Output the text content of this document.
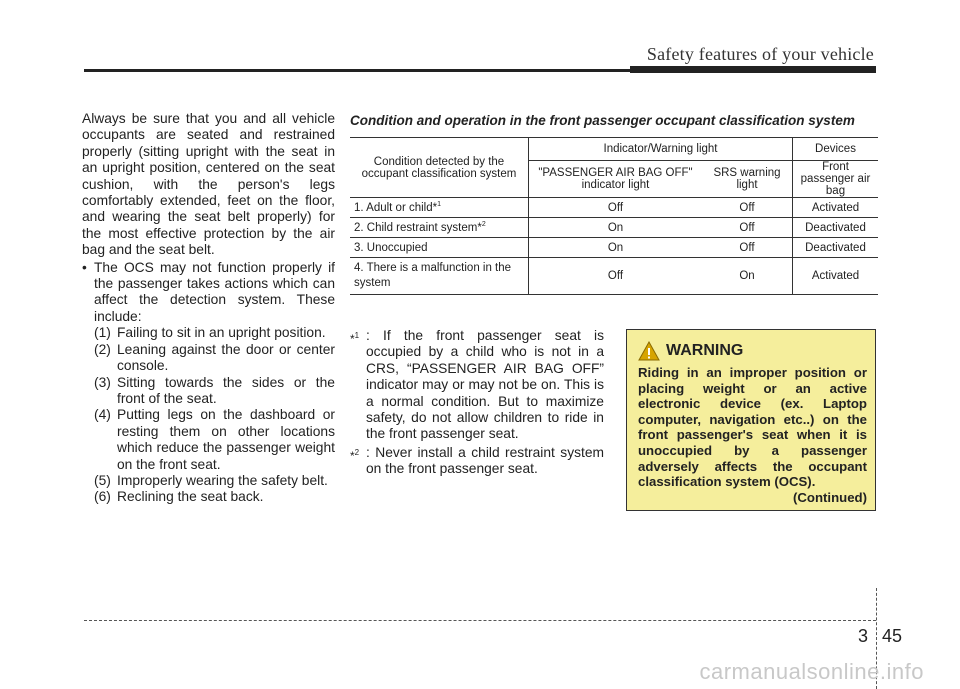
Safety features of your vehicle

Always be sure that you and all vehicle occupants are seated and restrained properly (sitting upright with the seat in an upright position, centered on the seat cushion, with the person's legs comfortably extended, feet on the floor, and wearing the seat belt properly) for the most effective protection by the air bag and the seat belt.

• The OCS may not function properly if the passenger takes actions which can affect the detection system. These include:
(1) Failing to sit in an upright position.
(2) Leaning against the door or center console.
(3) Sitting towards the sides or the front of the seat.
(4) Putting legs on the dashboard or resting them on other locations which reduce the passenger weight on the front seat.
(5) Improperly wearing the safety belt.
(6) Reclining the seat back.
Condition and operation in the front passenger occupant classification system
Condition detected by the occupant classification system	Indicator/Warning light		Devices
	"PASSENGER AIR BAG OFF" indicator light	SRS warning light	Front passenger air bag
1. Adult or child*$^1$	Off	Off	Activated
2. Child restraint system*$^2$	On	Off	Deactivated
3. Unoccupied	On	Off	Deactivated
4. There is a malfunction in the system	Off	On	Activated
*$^1$ : If the front passenger seat is occupied by a child who is not in a CRS, “PASSENGER AIR BAG OFF” indicator may or may not be on. This is a normal condition. But to maximize safety, do not allow children to ride in the front passenger seat.
*$^2$ : Never install a child restraint system on the front passenger seat.
WARNING
Riding in an improper position or placing weight or an active electronic device (ex. Laptop computer, navigation etc..) on the front passenger's seat when it is unoccupied by a passenger adversely affects the occupant classification system (OCS).
(Continued)
3 45
carmanualsonline.info
